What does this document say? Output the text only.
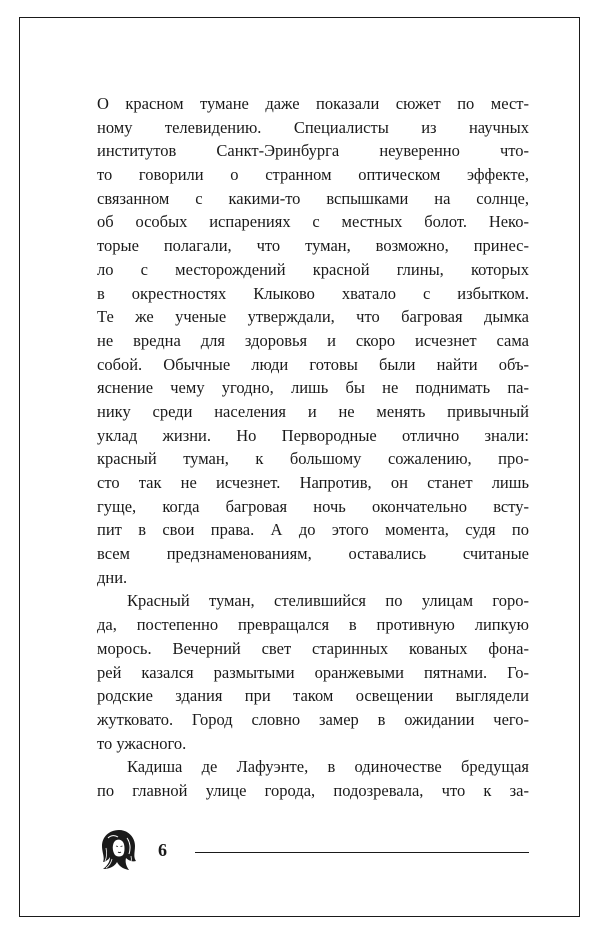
О красном тумане даже показали сюжет по мест-
ному телевидению. Специалисты из научных
институтов Санкт-Эринбурга неуверенно что-
то говорили о странном оптическом эффекте,
связанном с какими-то вспышками на солнце,
об особых испарениях с местных болот. Неко-
торые полагали, что туман, возможно, принес-
ло с месторождений красной глины, которых
в окрестностях Клыково хватало с избытком.
Те же ученые утверждали, что багровая дымка
не вредна для здоровья и скоро исчезнет сама
собой. Обычные люди готовы были найти объ-
яснение чему угодно, лишь бы не поднимать па-
нику среди населения и не менять привычный
уклад жизни. Но Первородные отлично знали:
красный туман, к большому сожалению, про-
сто так не исчезнет. Напротив, он станет лишь
гуще, когда багровая ночь окончательно всту-
пит в свои права. А до этого момента, судя по
всем предзнаменованиям, оставались считаные
дни.
Красный туман, стелившийся по улицам горо-
да, постепенно превращался в противную липкую
морось. Вечерний свет старинных кованых фона-
рей казался размытыми оранжевыми пятнами. Го-
родские здания при таком освещении выглядели
жутковато. Город словно замер в ожидании чего-
то ужасного.
Кадиша де Лафуэнте, в одиночестве бредущая
по главной улице города, подозревала, что к за-
6
